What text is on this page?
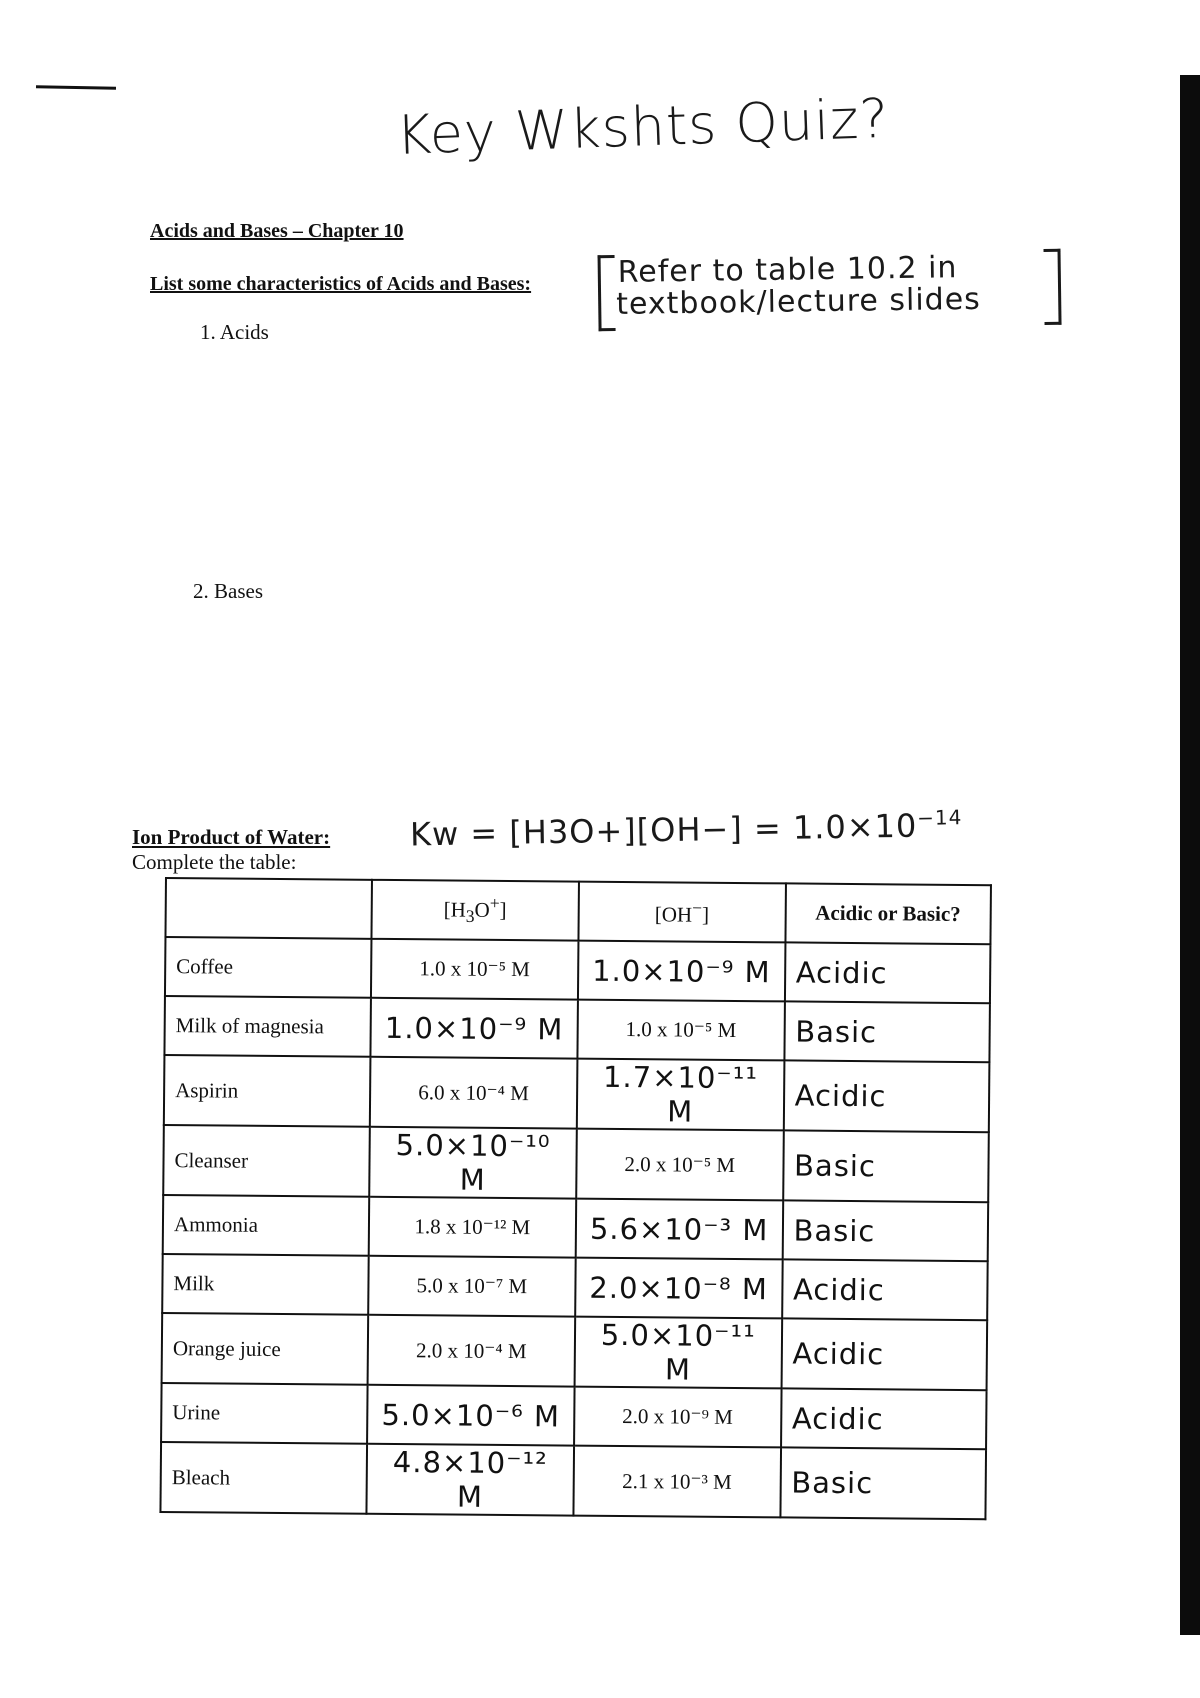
Key Wkshts Quiz?
Acids and Bases – Chapter 10
List some characteristics of Acids and Bases:	Refer to table 10.2 in
textbook/lecture slides
1. Acids
2. Bases
Ion Product of Water:
Complete the table:
$Kw = [H3O+][OH-] = 1.0\times 10^{-14}$
	$[H_3O^+]$	[OH−]	Acidic or Basic?
Coffee	1.0 x 10⁻⁵ M	1.0×10⁻⁹ M	Acidic
Milk of magnesia	1.0×10⁻⁹ M	1.0 x 10⁻⁵ M	Basic
Aspirin	6.0 x 10⁻⁴ M	1.7×10⁻¹¹ M	Acidic
Cleanser	5.0×10⁻¹⁰ M	2.0 x 10⁻⁵ M	Basic
Ammonia	1.8 x 10⁻¹² M	5.6×10⁻³ M	Basic
Milk	5.0 x 10⁻⁷ M	2.0×10⁻⁸ M	Acidic
Orange juice	2.0 x 10⁻⁴ M	5.0×10⁻¹¹ M	Acidic
Urine	5.0×10⁻⁶ M	2.0 x 10⁻⁹ M	Acidic
Bleach	4.8×10⁻¹² M	2.1 x 10⁻³ M	Basic
